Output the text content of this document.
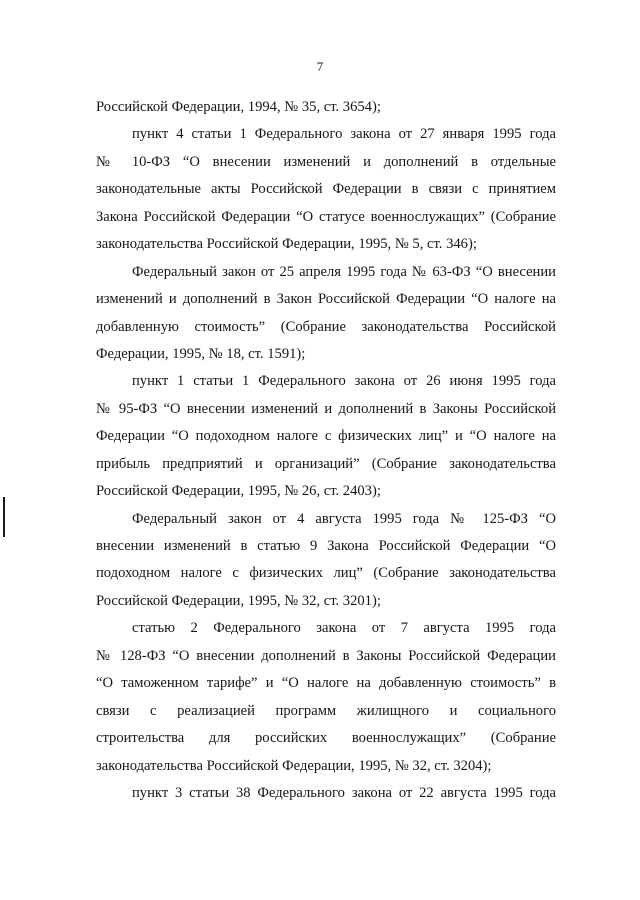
7
Российской Федерации, 1994, № 35, ст. 3654);
пункт 4 статьи 1 Федерального закона от 27 января 1995 года
№ 10-ФЗ “О внесении изменений и дополнений в отдельные
законодательные акты Российской Федерации в связи с принятием
Закона Российской Федерации “О статусе военнослужащих” (Собрание
законодательства Российской Федерации, 1995, № 5, ст. 346);
Федеральный закон от 25 апреля 1995 года № 63-ФЗ “О внесении
изменений и дополнений в Закон Российской Федерации “О налоге на
добавленную стоимость” (Собрание законодательства Российской
Федерации, 1995, № 18, ст. 1591);
пункт 1 статьи 1 Федерального закона от 26 июня 1995 года
№ 95-ФЗ “О внесении изменений и дополнений в Законы Российской
Федерации “О подоходном налоге с физических лиц” и “О налоге на
прибыль предприятий и организаций” (Собрание законодательства
Российской Федерации, 1995, № 26, ст. 2403);
Федеральный закон от 4 августа 1995 года № 125-ФЗ “О
внесении изменений в статью 9 Закона Российской Федерации “О
подоходном налоге с физических лиц” (Собрание законодательства
Российской Федерации, 1995, № 32, ст. 3201);
статью 2 Федерального закона от 7 августа 1995 года
№ 128-ФЗ “О внесении дополнений в Законы Российской Федерации
“О таможенном тарифе” и “О налоге на добавленную стоимость” в
связи с реализацией программ жилищного и социального
строительства для российских военнослужащих” (Собрание
законодательства Российской Федерации, 1995, № 32, ст. 3204);
пункт 3 статьи 38 Федерального закона от 22 августа 1995 года
